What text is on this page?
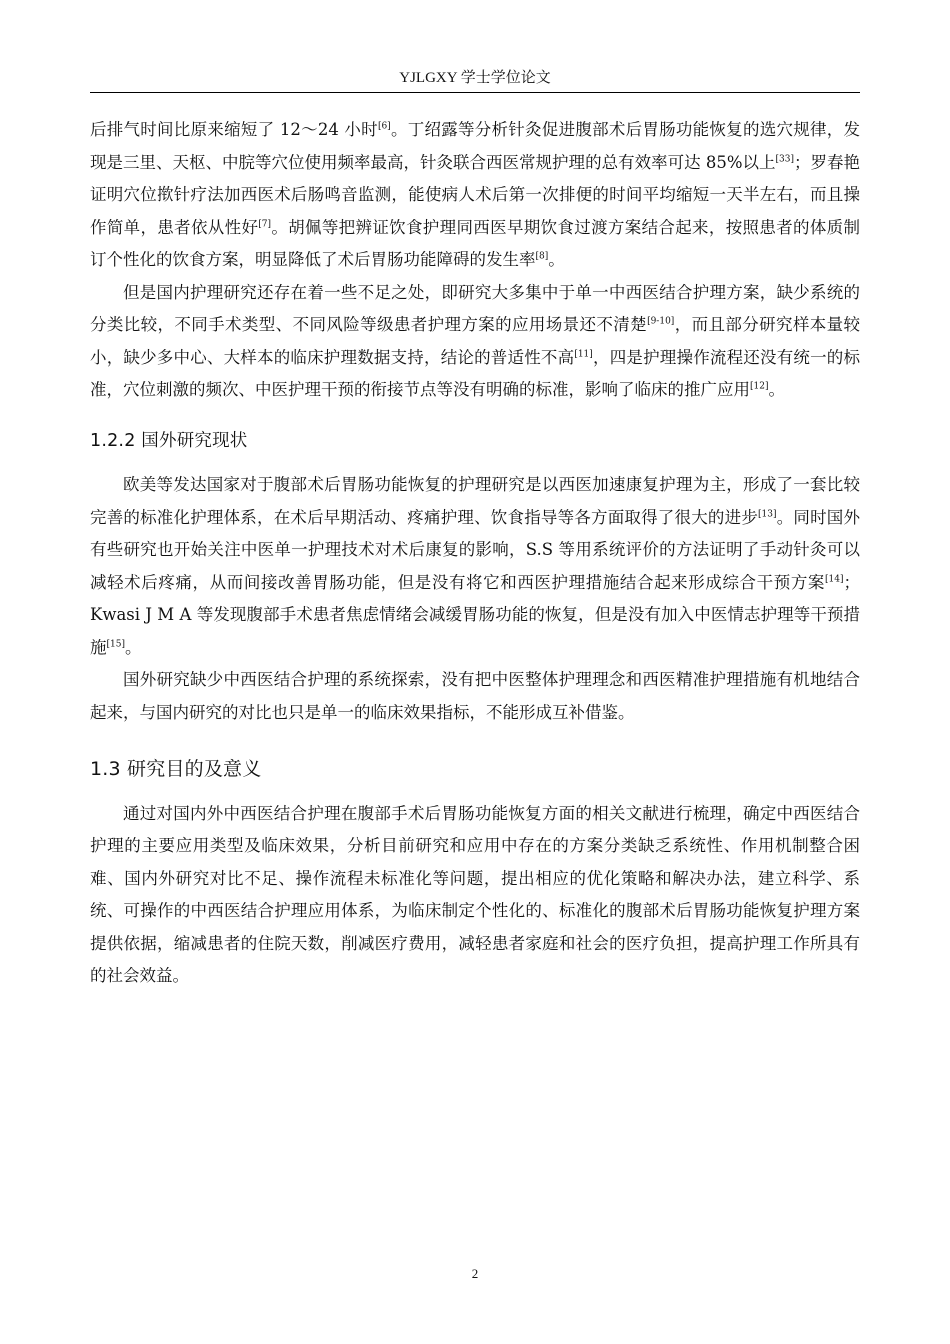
YJLGXY 学士学位论文

后排气时间比原来缩短了 12～24 小时[6]。丁绍露等分析针灸促进腹部术后胃肠功能恢复的选穴规律，发现是三里、天枢、中脘等穴位使用频率最高，针灸联合西医常规护理的总有效率可达 85%以上[33]；罗春艳证明穴位揿针疗法加西医术后肠鸣音监测，能使病人术后第一次排便的时间平均缩短一天半左右，而且操作简单，患者依从性好[7]。胡佩等把辨证饮食护理同西医早期饮食过渡方案结合起来，按照患者的体质制订个性化的饮食方案，明显降低了术后胃肠功能障碍的发生率[8]。

但是国内护理研究还存在着一些不足之处，即研究大多集中于单一中西医结合护理方案，缺少系统的分类比较，不同手术类型、不同风险等级患者护理方案的应用场景还不清楚[9-10]，而且部分研究样本量较小，缺少多中心、大样本的临床护理数据支持，结论的普适性不高[11]，四是护理操作流程还没有统一的标准，穴位刺激的频次、中医护理干预的衔接节点等没有明确的标准，影响了临床的推广应用[12]。

1.2.2 国外研究现状

欧美等发达国家对于腹部术后胃肠功能恢复的护理研究是以西医加速康复护理为主，形成了一套比较完善的标准化护理体系，在术后早期活动、疼痛护理、饮食指导等各方面取得了很大的进步[13]。同时国外有些研究也开始关注中医单一护理技术对术后康复的影响，S.S 等用系统评价的方法证明了手动针灸可以减轻术后疼痛，从而间接改善胃肠功能，但是没有将它和西医护理措施结合起来形成综合干预方案[14]；Kwasi J M A 等发现腹部手术患者焦虑情绪会减缓胃肠功能的恢复，但是没有加入中医情志护理等干预措施[15]。

国外研究缺少中西医结合护理的系统探索，没有把中医整体护理理念和西医精准护理措施有机地结合起来，与国内研究的对比也只是单一的临床效果指标，不能形成互补借鉴。

1.3 研究目的及意义

通过对国内外中西医结合护理在腹部手术后胃肠功能恢复方面的相关文献进行梳理，确定中西医结合护理的主要应用类型及临床效果，分析目前研究和应用中存在的方案分类缺乏系统性、作用机制整合困难、国内外研究对比不足、操作流程未标准化等问题，提出相应的优化策略和解决办法，建立科学、系统、可操作的中西医结合护理应用体系，为临床制定个性化的、标准化的腹部术后胃肠功能恢复护理方案提供依据，缩减患者的住院天数，削减医疗费用，减轻患者家庭和社会的医疗负担，提高护理工作所具有的社会效益。

2
